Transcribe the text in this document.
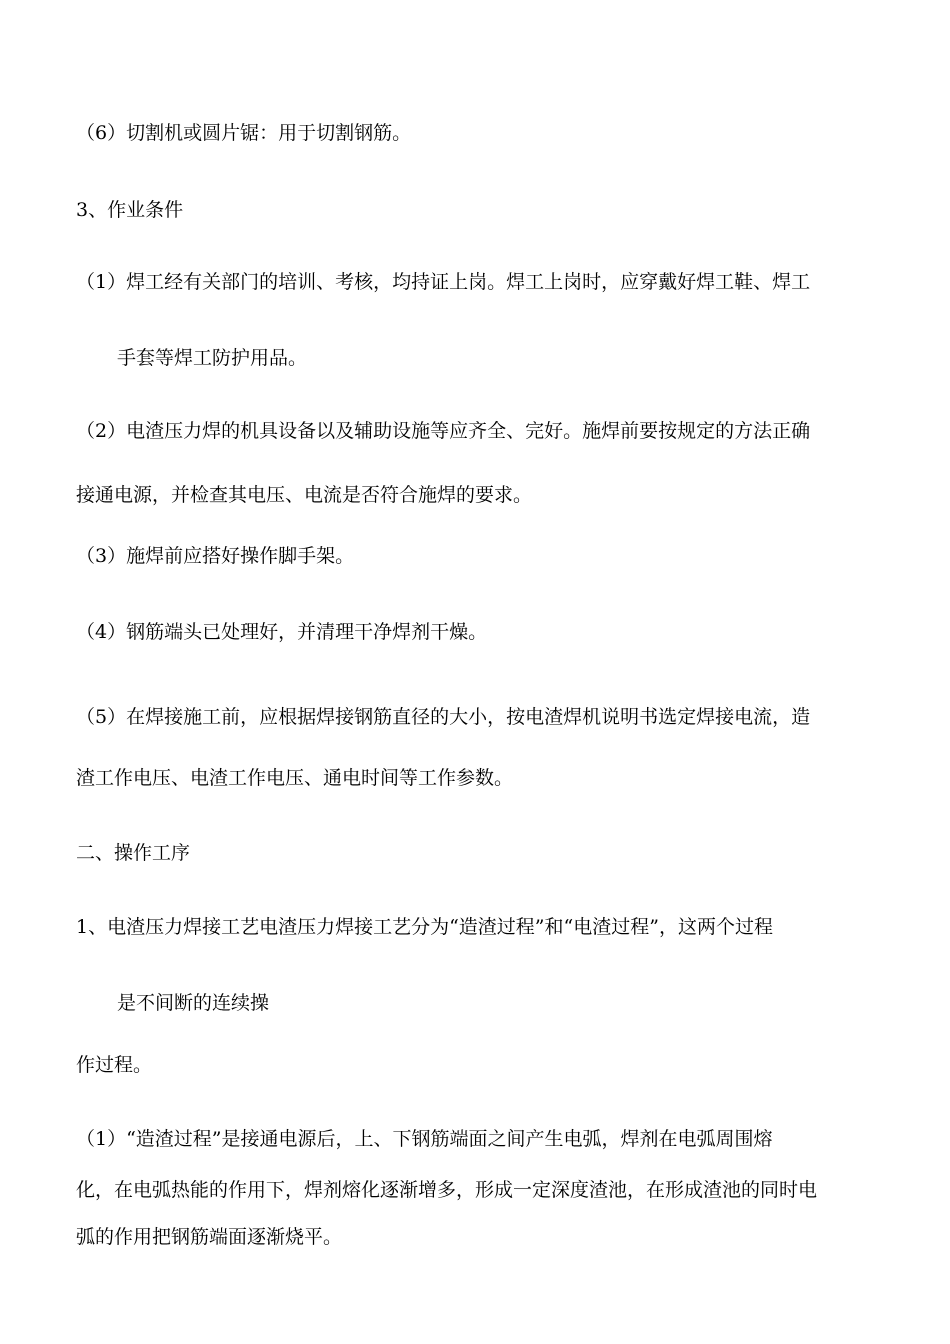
（6）切割机或圆片锯：用于切割钢筋。

3、作业条件

（1）焊工经有关部门的培训、考核，均持证上岗。焊工上岗时，应穿戴好焊工鞋、焊工

手套等焊工防护用品。

（2）电渣压力焊的机具设备以及辅助设施等应齐全、完好。施焊前要按规定的方法正确

接通电源，并检查其电压、电流是否符合施焊的要求。

（3）施焊前应搭好操作脚手架。

（4）钢筋端头已处理好，并清理干净焊剂干燥。

（5）在焊接施工前，应根据焊接钢筋直径的大小，按电渣焊机说明书选定焊接电流，造

渣工作电压、电渣工作电压、通电时间等工作参数。

二、操作工序

1、电渣压力焊接工艺电渣压力焊接工艺分为“造渣过程”和“电渣过程”，这两个过程

是不间断的连续操

作过程。

（1）“造渣过程”是接通电源后，上、下钢筋端面之间产生电弧，焊剂在电弧周围熔

化，在电弧热能的作用下，焊剂熔化逐渐增多，形成一定深度渣池，在形成渣池的同时电

弧的作用把钢筋端面逐渐烧平。
